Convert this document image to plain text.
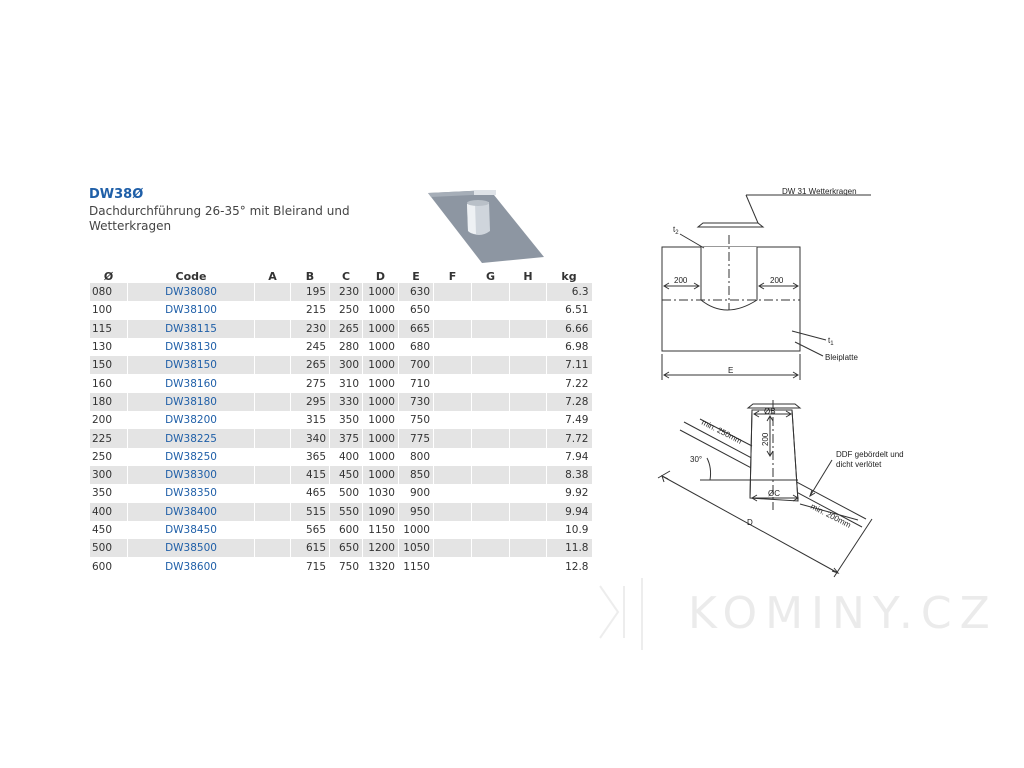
DW38Ø
Dachdurchführung 26-35° mit Bleirand und Wetterkragen
Ø	Code	A	B	C	D	E	F	G	H	kg
080	DW38080		195	230	1000	630				6.3
100	DW38100		215	250	1000	650				6.51
115	DW38115		230	265	1000	665				6.66
130	DW38130		245	280	1000	680				6.98
150	DW38150		265	300	1000	700				7.11
160	DW38160		275	310	1000	710				7.22
180	DW38180		295	330	1000	730				7.28
200	DW38200		315	350	1000	750				7.49
225	DW38225		340	375	1000	775				7.72
250	DW38250		365	400	1000	800				7.94
300	DW38300		415	450	1000	850				8.38
350	DW38350		465	500	1030	900				9.92
400	DW38400		515	550	1090	950				9.94
450	DW38450		565	600	1150	1000				10.9
500	DW38500		615	650	1200	1050				11.8
600	DW38600		715	750	1320	1150				12.8
DW 31 Wetterkragen
200	200
$t_2$
$t_1$
Bleiplatte
E
ØB
200
30°
min. 250mm
ØC
min. 200mm
DDF gebördelt und
dicht verlötet
D
KOMINY.CZ
